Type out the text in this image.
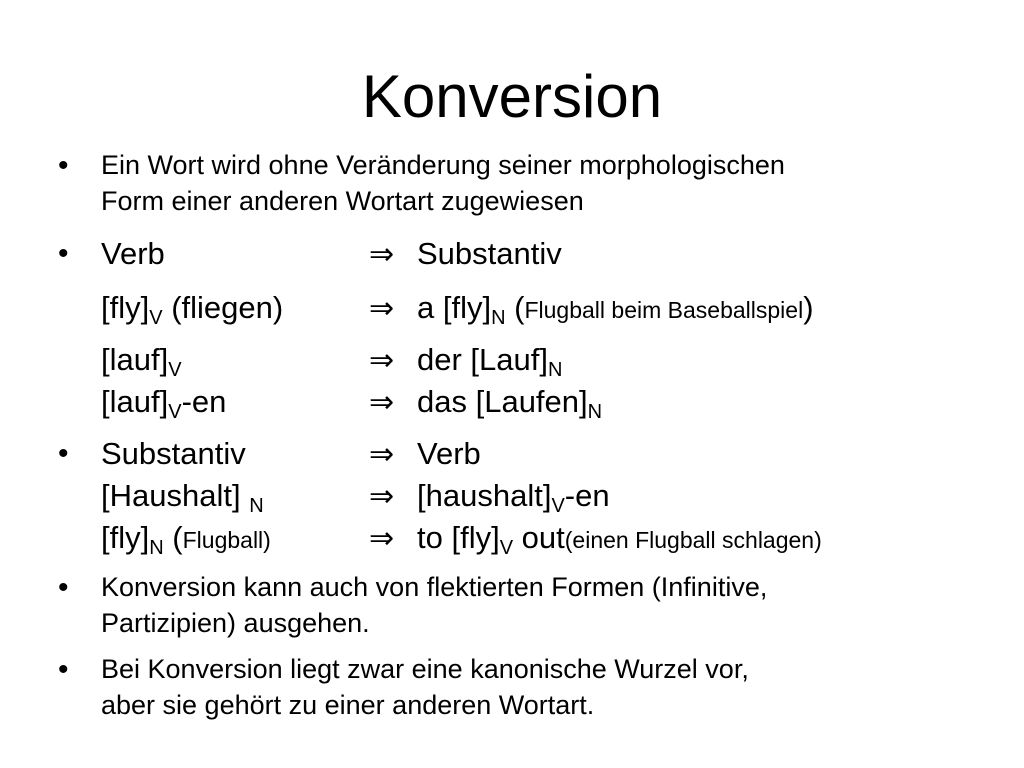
Konversion
• Ein Wort wird ohne Veränderung seiner morphologischen
Form einer anderen Wortart zugewiesen
• Verb	⇒ Substantiv
$[fly]_V$ (fliegen)	⇒ a $[fly]_N$ (Flugball beim Baseballspiel)
$[lauf]_V$	⇒ der $[Lauf]_N$
$[lauf]_V-en$	⇒ das $[Laufen]_N$
• Substantiv	⇒ Verb
[Haushalt] $_N$	⇒ $[haushalt]_V-en$
$[fly]_N$ (Flugball)	⇒ to $[fly]_V$ out(einen Flugball schlagen)
• Konversion kann auch von flektierten Formen (Infinitive,
Partizipien) ausgehen.
• Bei Konversion liegt zwar eine kanonische Wurzel vor,
aber sie gehört zu einer anderen Wortart.
